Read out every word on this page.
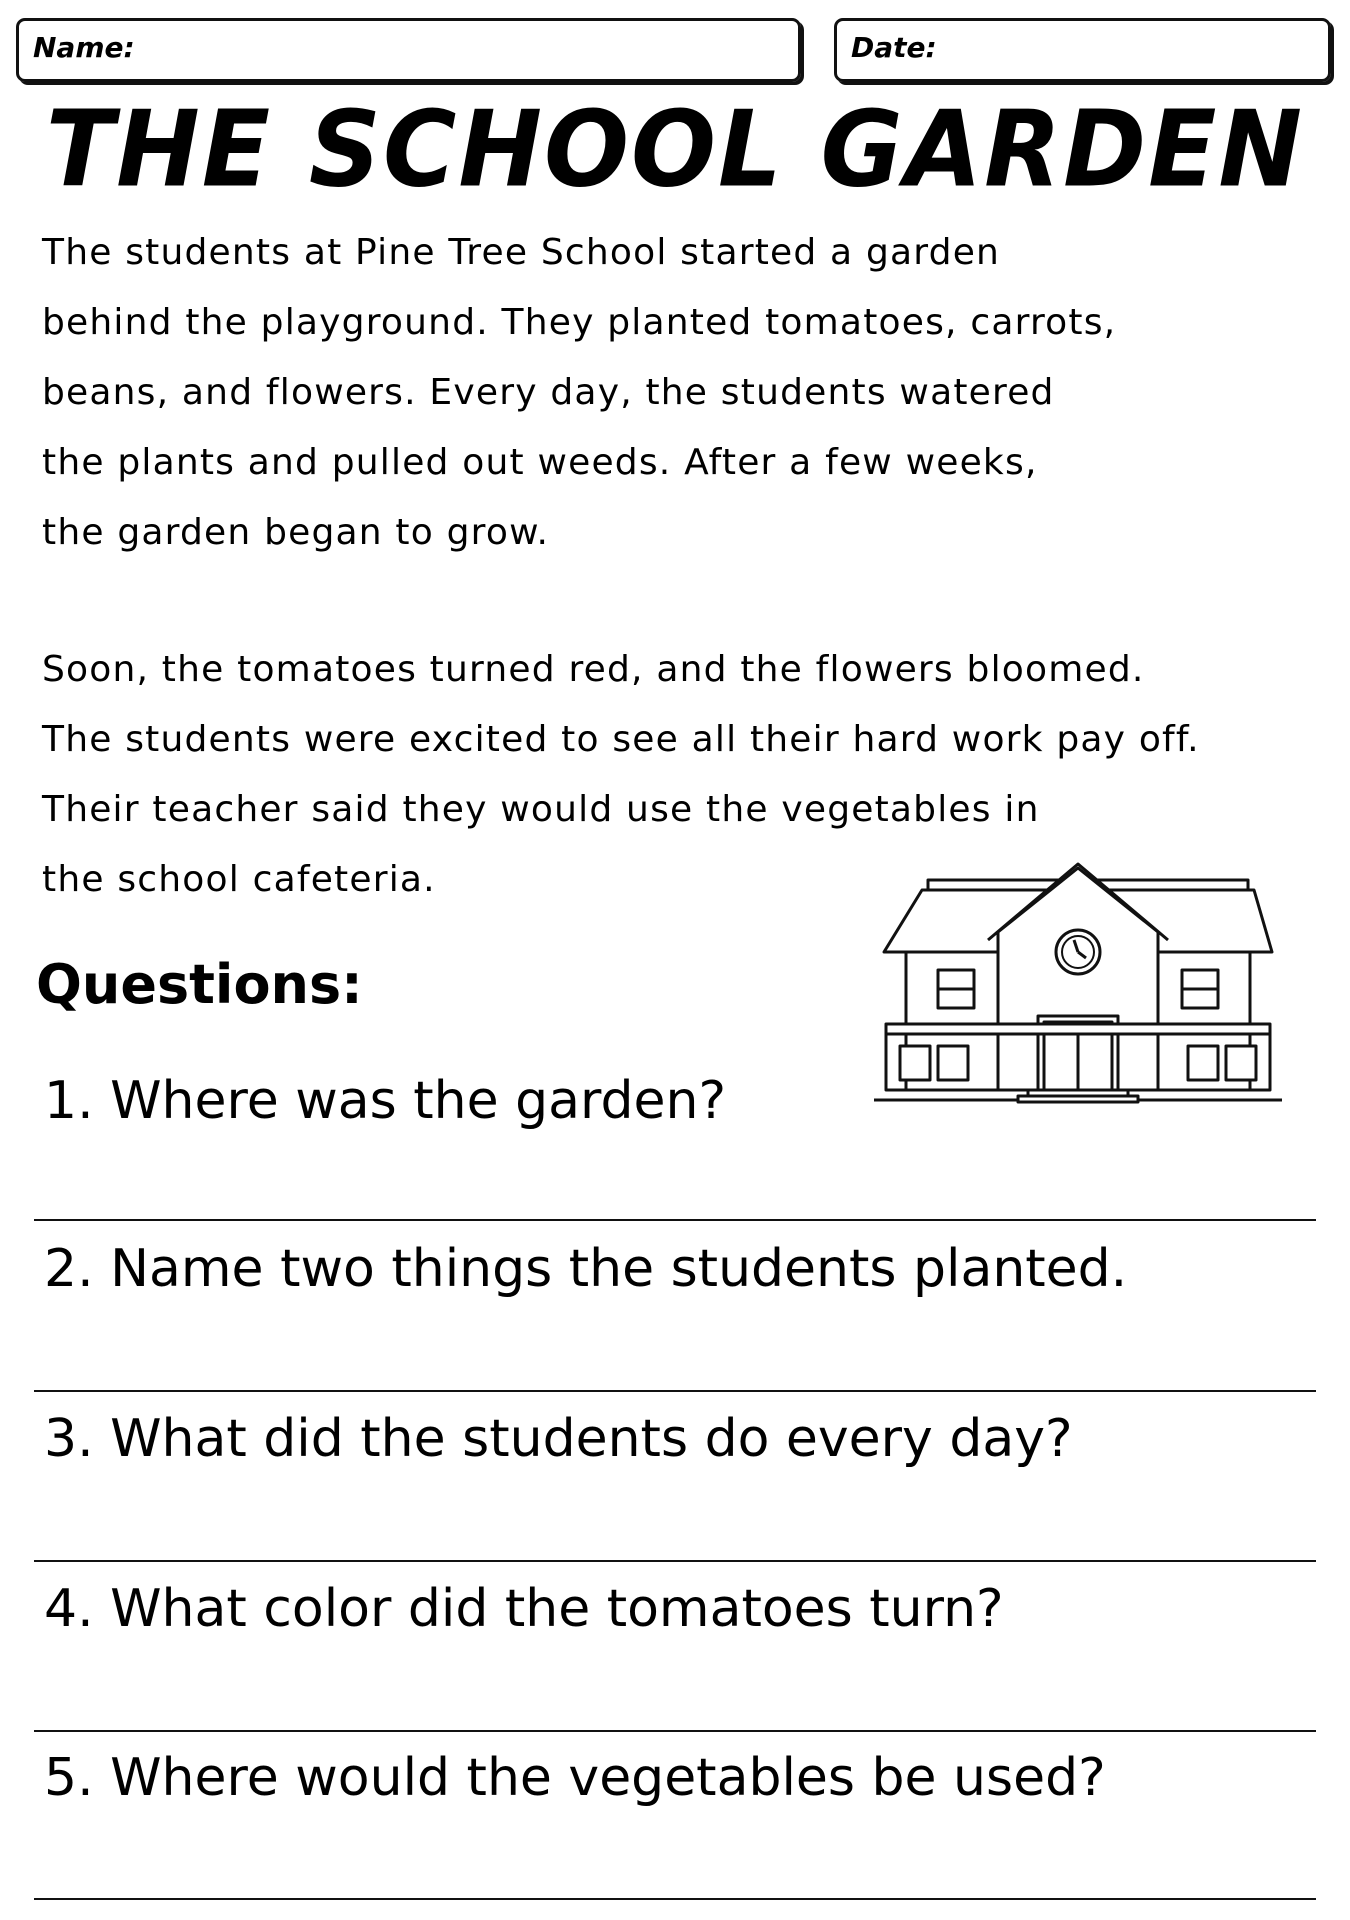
Name:	Date:
THE SCHOOL GARDEN

The students at Pine Tree School started a garden
behind the playground. They planted tomatoes, carrots,
beans, and flowers. Every day, the students watered
the plants and pulled out weeds. After a few weeks,
the garden began to grow.

Soon, the tomatoes turned red, and the flowers bloomed.
The students were excited to see all their hard work pay off.
Their teacher said they would use the vegetables in
the school cafeteria.

Questions:

1. Where was the garden?

2. Name two things the students planted.

3. What did the students do every day?

4. What color did the tomatoes turn?

5. Where would the vegetables be used?
